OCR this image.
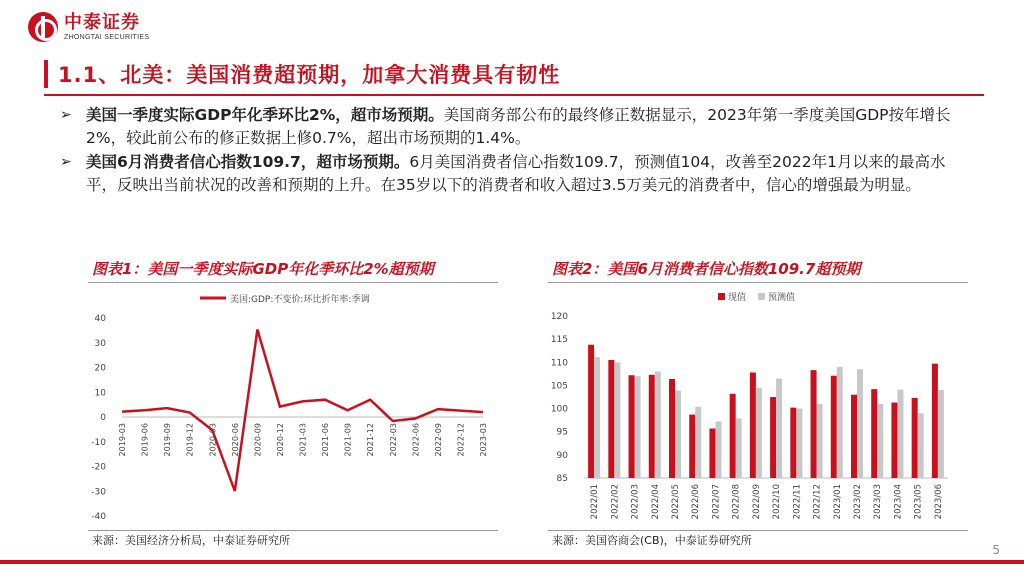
中泰证券
ZHONGTAI SECURITIES
1.1、北美：美国消费超预期，加拿大消费具有韧性
➢ 美国一季度实际GDP年化季环比2%，超市场预期。美国商务部公布的最终修正数据显示，2023年第一季度美国GDP按年增长2%，较此前公布的修正数据上修0.7%，超出市场预期的1.4%。
➢ 美国6月消费者信心指数109.7，超市场预期。6月美国消费者信心指数109.7，预测值104，改善至2022年1月以来的最高水平，反映出当前状况的改善和预期的上升。在35岁以下的消费者和收入超过3.5万美元的消费者中，信心的增强最为明显。
图表1：美国一季度实际GDP年化季环比2%超预期	图表2：美国6月消费者信心指数109.7超预期
美国:GDP:不变价:环比折年率:季调
40
30
20
10
0
-10
-20
-30
-40
2019-03 2019-06 2019-09 2019-12 2020-03 2020-06 2020-09 2020-12 2021-03 2021-06 2021-09 2021-12 2022-03 2022-06 2022-09 2022-12 2023-03
现值 预测值
120
115
110
105
100
95
90
85
2022/01 2022/02 2022/03 2022/04 2022/05 2022/06 2022/07 2022/08 2022/09 2022/10 2022/11 2022/12 2023/01 2023/02 2023/03 2023/04 2023/05 2023/06
来源：美国经济分析局，中泰证券研究所	来源：美国咨商会(CB)，中泰证券研究所
5
